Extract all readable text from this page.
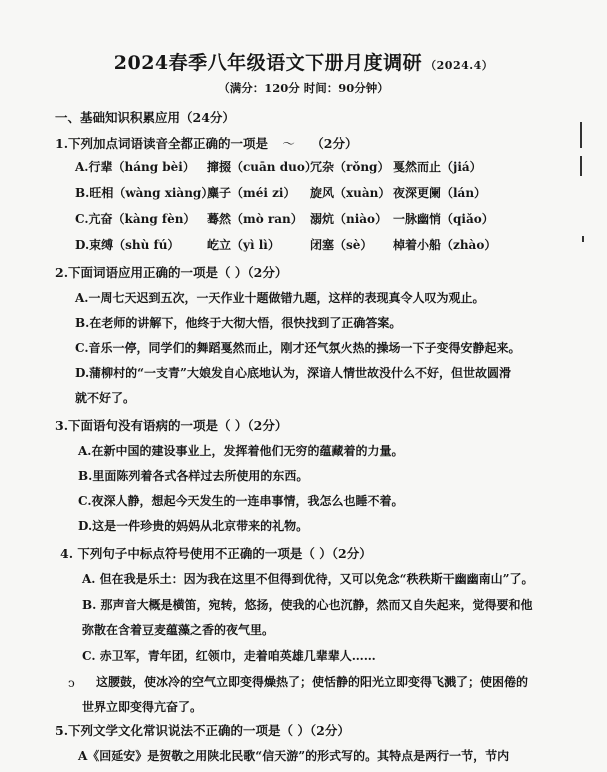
2024春季八年级语文下册月度调研 （2024.4）
（满分：120分 时间：90分钟）
一、基础知识积累应用（24分）
1.下列加点词语读音全都正确的一项是 〜 （2分）
A.行辈（háng bèi） 撺掇（cuān duo）
冗杂（rǒng） 戛然而止（jiá）
B.旺相（wàng xiàng）
麋子（méi zi） 旋风（xuàn） 夜深更阑（lán）
C.亢奋（kàng fèn） 蓦然（mò ran） 溺炕（niào） 一脉幽悄（qiǎo）
D.束缚（shù fú） 屹立（yì lì）	闭塞（sè） 棹着小船（zhào）
2.下面词语应用正确的一项是（ ）（2分）
A.一周七天迟到五次，一天作业十题做错九题，这样的表现真令人叹为观止。
B.在老师的讲解下，他终于大彻大悟，很快找到了正确答案。
C.音乐一停，同学们的舞蹈戛然而止，刚才还气氛火热的操场一下子变得安静起来。
D.蒲柳村的“一支青”大娘发自心底地认为，深谙人情世故没什么不好，但世故圆滑
就不好了。
3.下面语句没有语病的一项是（ ）（2分）
A.在新中国的建设事业上，发挥着他们无穷的蕴藏着的力量。
B.里面陈列着各式各样过去所使用的东西。
C.夜深人静，想起今天发生的一连串事情，我怎么也睡不着。
D.这是一件珍贵的妈妈从北京带来的礼物。
4. 下列句子中标点符号使用不正确的一项是（ ）（2分）
A. 但在我是乐土：因为我在这里不但得到优待，又可以免念“秩秩斯干幽幽南山”了。
B. 那声音大概是横笛，宛转，悠扬，使我的心也沉静，然而又自失起来，觉得要和他
弥散在含着豆麦蕴藻之香的夜气里。
C. 赤卫军，青年团，红领巾，走着咱英雄几辈辈人……
这腰鼓，使冰冷的空气立即变得燥热了；使恬静的阳光立即变得飞溅了；使困倦的
世界立即变得亢奋了。
ↄ
5.下列文学文化常识说法不正确的一项是（ ）（2分）
A《回延安》是贺敬之用陕北民歌“信天游”的形式写的。其特点是两行一节，节内
